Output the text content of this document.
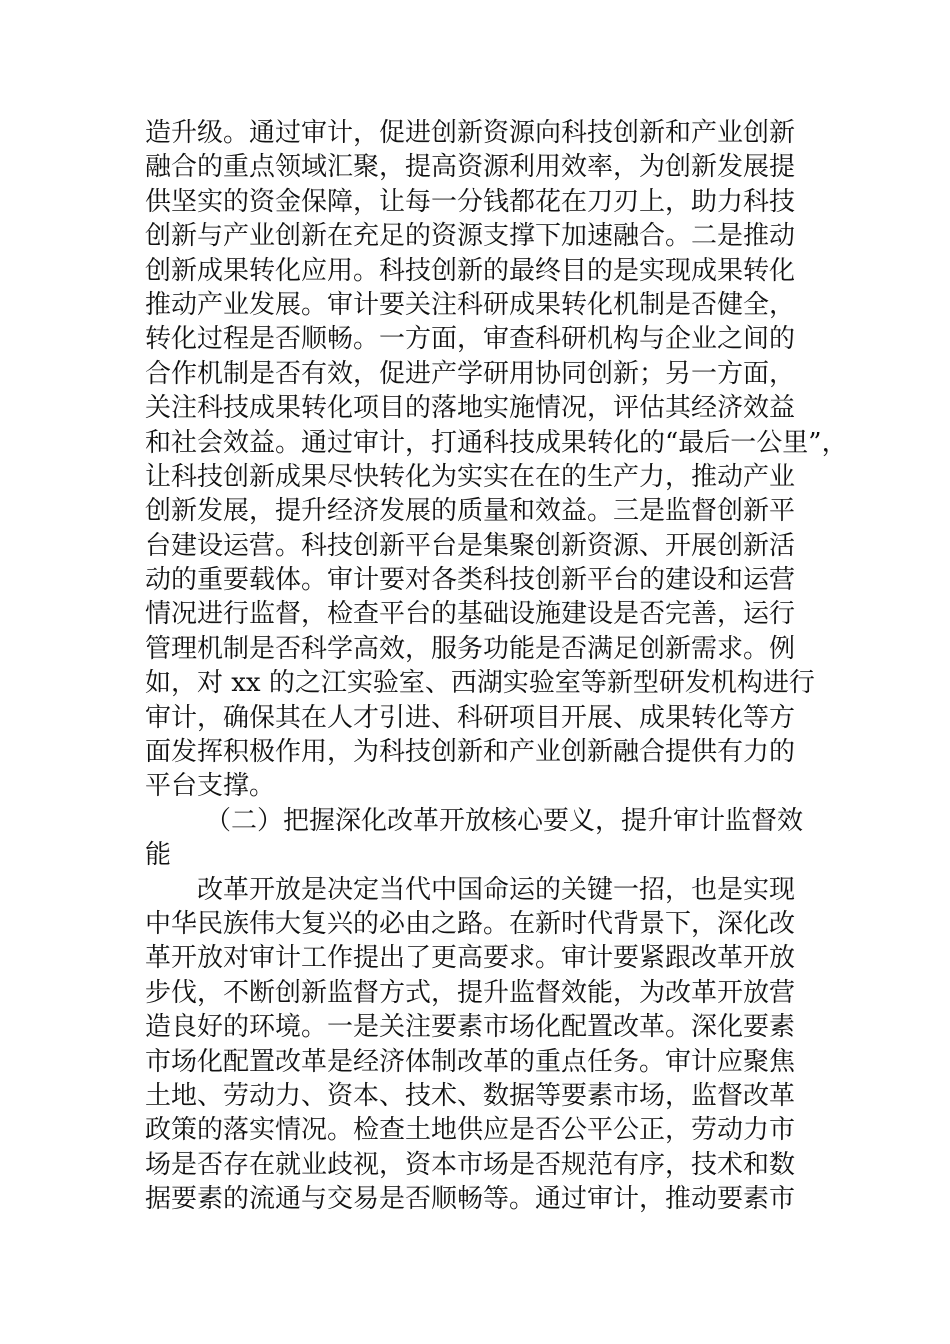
造升级。通过审计，促进创新资源向科技创新和产业创新
融合的重点领域汇聚，提高资源利用效率，为创新发展提
供坚实的资金保障，让每一分钱都花在刀刃上，助力科技
创新与产业创新在充足的资源支撑下加速融合。二是推动
创新成果转化应用。科技创新的最终目的是实现成果转化
推动产业发展。审计要关注科研成果转化机制是否健全，
转化过程是否顺畅。一方面，审查科研机构与企业之间的
合作机制是否有效，促进产学研用协同创新；另一方面，
关注科技成果转化项目的落地实施情况，评估其经济效益
和社会效益。通过审计，打通科技成果转化的“最后一公里”，
让科技创新成果尽快转化为实实在在的生产力，推动产业
创新发展，提升经济发展的质量和效益。三是监督创新平
台建设运营。科技创新平台是集聚创新资源、开展创新活
动的重要载体。审计要对各类科技创新平台的建设和运营
情况进行监督，检查平台的基础设施建设是否完善，运行
管理机制是否科学高效，服务功能是否满足创新需求。例
如，对 xx 的之江实验室、西湖实验室等新型研发机构进行
审计，确保其在人才引进、科研项目开展、成果转化等方
面发挥积极作用，为科技创新和产业创新融合提供有力的
平台支撑。
（二）把握深化改革开放核心要义，提升审计监督效
能
改革开放是决定当代中国命运的关键一招，也是实现
中华民族伟大复兴的必由之路。在新时代背景下，深化改
革开放对审计工作提出了更高要求。审计要紧跟改革开放
步伐，不断创新监督方式，提升监督效能，为改革开放营
造良好的环境。一是关注要素市场化配置改革。深化要素
市场化配置改革是经济体制改革的重点任务。审计应聚焦
土地、劳动力、资本、技术、数据等要素市场，监督改革
政策的落实情况。检查土地供应是否公平公正，劳动力市
场是否存在就业歧视，资本市场是否规范有序，技术和数
据要素的流通与交易是否顺畅等。通过审计，推动要素市
